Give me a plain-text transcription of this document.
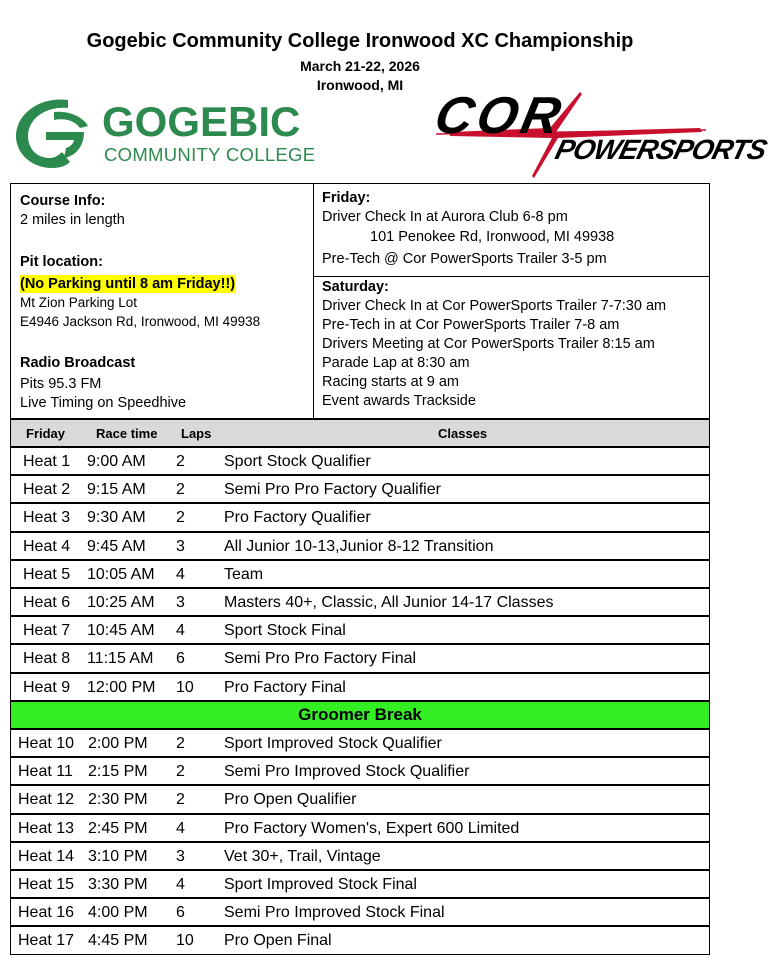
Gogebic Community College Ironwood XC Championship
March 21-22, 2026
Ironwood, MI
GOGEBIC
COMMUNITY COLLEGE
COR
POWERSPORTS
Course Info:
2 miles in length
Pit location:
(No Parking until 8 am Friday!!)
Mt Zion Parking Lot
E4946 Jackson Rd, Ironwood, MI 49938
Radio Broadcast
Pits 95.3 FM
Live Timing on Speedhive
Friday:
Driver Check In at Aurora Club 6-8 pm
101 Penokee Rd, Ironwood, MI 49938
Pre-Tech @ Cor PowerSports Trailer 3-5 pm
Saturday:
Driver Check In at Cor PowerSports Trailer 7-7:30 am
Pre-Tech in at Cor PowerSports Trailer 7-8 am
Drivers Meeting at Cor PowerSports Trailer 8:15 am
Parade Lap at 8:30 am
Racing starts at 9 am
Event awards Trackside
Friday Race time Laps	Classes
Heat 1 9:00 AM 2 Sport Stock Qualifier
Heat 2 9:15 AM 2 Semi Pro Pro Factory Qualifier
Heat 3 9:30 AM 2 Pro Factory Qualifier
Heat 4 9:45 AM 3 All Junior 10-13,Junior 8-12 Transition
Heat 5 10:05 AM 4 Team
Heat 6 10:25 AM 3 Masters 40+, Classic, All Junior 14-17 Classes
Heat 7 10:45 AM 4 Sport Stock Final
Heat 8 11:15 AM 6 Semi Pro Pro Factory Final
Heat 9 12:00 PM 10 Pro Factory Final
Groomer Break
Heat 10 2:00 PM 2 Sport Improved Stock Qualifier
Heat 11 2:15 PM 2 Semi Pro Improved Stock Qualifier
Heat 12 2:30 PM 2 Pro Open Qualifier
Heat 13 2:45 PM 4 Pro Factory Women's, Expert 600 Limited
Heat 14 3:10 PM 3 Vet 30+, Trail, Vintage
Heat 15 3:30 PM 4 Sport Improved Stock Final
Heat 16 4:00 PM 6 Semi Pro Improved Stock Final
Heat 17 4:45 PM 10 Pro Open Final
